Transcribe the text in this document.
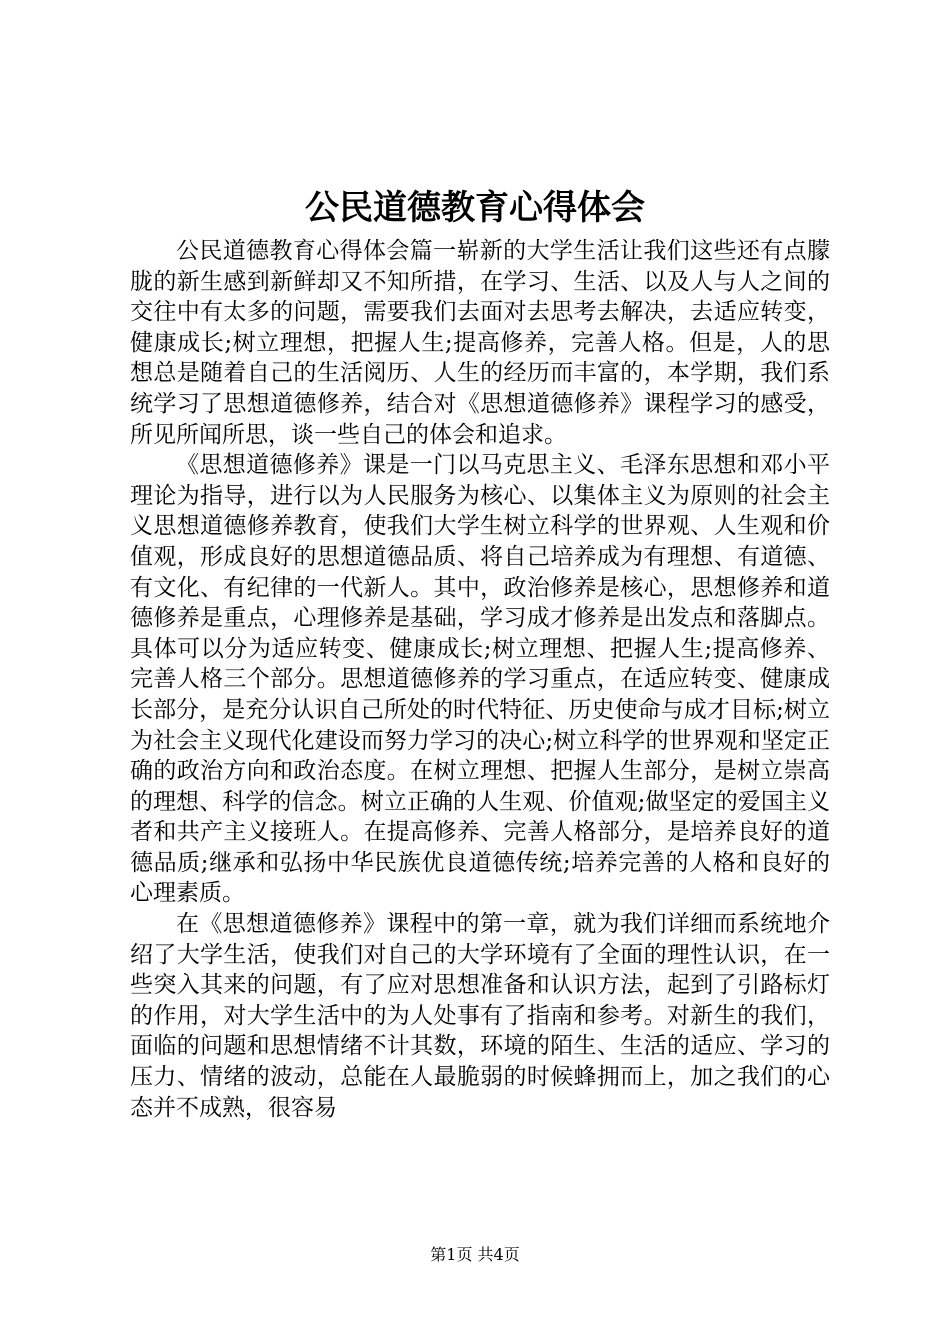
公民道德教育心得体会

公民道德教育心得体会篇一崭新的大学生活让我们这些还有点朦胧的新生感到新鲜却又不知所措，在学习、生活、以及人与人之间的交往中有太多的问题，需要我们去面对去思考去解决，去适应转变，健康成长;树立理想，把握人生;提高修养，完善人格。但是，人的思想总是随着自己的生活阅历、人生的经历而丰富的，本学期，我们系统学习了思想道德修养，结合对《思想道德修养》课程学习的感受，所见所闻所思，谈一些自己的体会和追求。

《思想道德修养》课是一门以马克思主义、毛泽东思想和邓小平理论为指导，进行以为人民服务为核心、以集体主义为原则的社会主义思想道德修养教育，使我们大学生树立科学的世界观、人生观和价值观，形成良好的思想道德品质、将自己培养成为有理想、有道德、有文化、有纪律的一代新人。其中，政治修养是核心，思想修养和道德修养是重点，心理修养是基础，学习成才修养是出发点和落脚点。具体可以分为适应转变、健康成长;树立理想、把握人生;提高修养、完善人格三个部分。思想道德修养的学习重点，在适应转变、健康成长部分，是充分认识自己所处的时代特征、历史使命与成才目标;树立为社会主义现代化建设而努力学习的决心;树立科学的世界观和坚定正确的政治方向和政治态度。在树立理想、把握人生部分，是树立崇高的理想、科学的信念。树立正确的人生观、价值观;做坚定的爱国主义者和共产主义接班人。在提高修养、完善人格部分，是培养良好的道德品质;继承和弘扬中华民族优良道德传统;培养完善的人格和良好的心理素质。

在《思想道德修养》课程中的第一章，就为我们详细而系统地介绍了大学生活，使我们对自己的大学环境有了全面的理性认识，在一些突入其来的问题，有了应对思想准备和认识方法，起到了引路标灯的作用，对大学生活中的为人处事有了指南和参考。对新生的我们，面临的问题和思想情绪不计其数，环境的陌生、生活的适应、学习的压力、情绪的波动，总能在人最脆弱的时候蜂拥而上，加之我们的心态并不成熟，很容易

第1页 共4页
